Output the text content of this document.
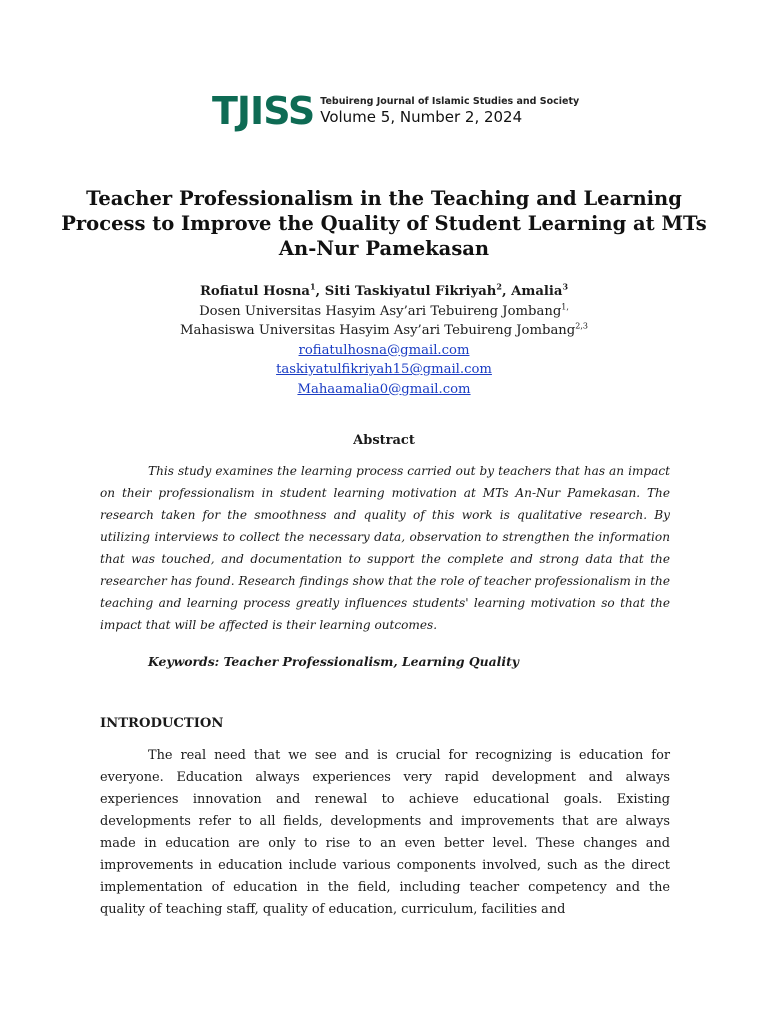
TJISS Tebuireng Journal of Islamic Studies and Society
Volume 5, Number 2, 2024
Teacher Professionalism in the Teaching and Learning Process to Improve the Quality of Student Learning at MTs An-Nur Pamekasan
Rofiatul Hosna$^1$, Siti Taskiyatul Fikriyah$^2$, Amalia$^3$
Dosen Universitas Hasyim Asy’ari Tebuireng Jombang$^{1,}$
Mahasiswa Universitas Hasyim Asy’ari Tebuireng Jombang$^{2,3}$
rofiatulhosna@gmail.com
taskiyatulfikriyah15@gmail.com
Mahaamalia0@gmail.com
Abstract

This study examines the learning process carried out by teachers that has an impact on their professionalism in student learning motivation at MTs An-Nur Pamekasan. The research taken for the smoothness and quality of this work is qualitative research. By utilizing interviews to collect the necessary data, observation to strengthen the information that was touched, and documentation to support the complete and strong data that the researcher has found. Research findings show that the role of teacher professionalism in the teaching and learning process greatly influences students' learning motivation so that the impact that will be affected is their learning outcomes.

Keywords: Teacher Professionalism, Learning Quality
INTRODUCTION

The real need that we see and is crucial for recognizing is education for everyone. Education always experiences very rapid development and always experiences innovation and renewal to achieve educational goals. Existing developments refer to all fields, developments and improvements that are always made in education are only to rise to an even better level. These changes and improvements in education include various components involved, such as the direct implementation of education in the field, including teacher competency and the quality of teaching staff, quality of education, curriculum, facilities and
